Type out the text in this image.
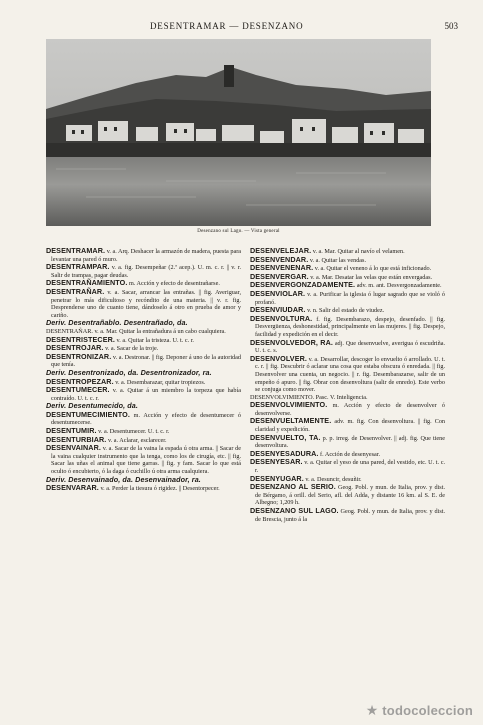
DESENTRAMAR — DESENZANO	503
Desenzano sul Lago. — Vista general

DESENTRAMAR. v. a. Arq. Deshacer la armazón de madera, puesta para levantar una pared ó muro.

DESENTRAMPAR. v. a. fig. Desempeñar (2.ª acep.). U. m. c. r. || v. r. Salir de trampas, pagar deudas.

DESENTRAÑAMIENTO. m. Acción y efecto de desentrañarse.

DESENTRAÑAR. v. a. Sacar, arrancar las entrañas. || fig. Averiguar, penetrar lo más dificultoso y recóndito de una materia. || v. r. fig. Desprenderse uno de cuanto tiene, dándoselo á otro en prueba de amor y cariño.

Deriv. Desentrañablo. Desentrañado, da.

DESENTRAÑAR. v. a. Mar. Quitar la entrañadura á un cabo cualquiera.

DESENTRISTECER. v. a. Quitar la tristeza. U. t. c. r.

DESENTROJAR. v. a. Sacar de la troje.

DESENTRONIZAR. v. a. Destronar. || fig. Deponer á uno de la autoridad que tenía.

Deriv. Desentronizado, da. Desentronizador, ra.

DESENTROPEZAR. v. a. Desembarazar, quitar tropiezos.

DESENTUMECER. v. a. Quitar á un miembro la torpeza que había contraído. U. t. c. r.

Deriv. Desentumecido, da.

DESENTUMECIMIENTO. m. Acción y efecto de desentumecer ó desentumecerse.

DESENTUMIR. v. a. Desentumecer. U. t. c. r.

DESENTURBIAR. v. a. Aclarar, esclarecer.

DESENVAINAR. v. a. Sacar de la vaina la espada ú otra arma. || Sacar de la vaina cualquier instrumento que la tenga, como los de cirugía, etc. || fig. Sacar las uñas el animal que tiene garras. || fig. y fam. Sacar lo que está oculto ó encubierto, ó la daga ó cuchillo ú otra arma cualquiera.

Deriv. Desenvainado, da. Desenvainador, ra.

DESENVARAR. v. a. Perder la tiesura ó rigidez. || Desentorpecer.

DESENVELEJAR. v. a. Mar. Quitar al navío el velamen.

DESENVENDAR. v. a. Quitar las vendas.

DESENVENENAR. v. a. Quitar el veneno á lo que está inficionado.

DESENVERGAR. v. a. Mar. Desatar las velas que están envergadas.

DESENVERGONZADAMENTE. adv. m. ant. Desvergonzadamente.

DESENVIOLAR. v. a. Purificar la iglesia ó lugar sagrado que se violó ó profanó.

DESENVIUDAR. v. n. Salir del estado de viudez.

DESENVOLTURA. f. fig. Desembarazo, despejo, desenfado. || fig. Desvergüenza, deshonestidad, principalmente en las mujeres. || fig. Despejo, facilidad y expedición en el decir.

DESENVOLVEDOR, RA. adj. Que desenvuelve, averigua ó escudriña. U. t. c. s.

DESENVOLVER. v. a. Desarrollar, descoger lo envuelto ó arrollado. U. t. c. r. || fig. Descubrir ó aclarar una cosa que estaba obscura ó enredada. || fig. Desenvolver una cuenta, un negocio. || r. fig. Desembarazarse, salir de un empeño ó apuro. || fig. Obrar con desenvoltura (salir de enredo). Este verbo se conjuga como mover.

DESENVOLVIMIENTO. Pasc. V. Inteligencia.

DESENVOLVIMIENTO. m. Acción y efecto de desenvolver ó desenvolverse.

DESENVUELTAMENTE. adv. m. fig. Con desenvoltura. || fig. Con claridad y expedición.

DESENVUELTO, TA. p. p. irreg. de Desenvolver. || adj. fig. Que tiene desenvoltura.

DESENYESADURA. f. Acción de desenyesar.

DESENYESAR. v. a. Quitar el yeso de una pared, del vestido, etc. U. t. c. r.

DESENYUGAR. v. a. Desuncir, desuñir.

DESENZANO AL SERIO. Geog. Pobl. y mun. de Italia, prov. y dist. de Bérgamo, á orill. del Serio, afl. del Adda, y distante 16 km. al S. E. de Albegno; 1,209 h.

DESENZANO SUL LAGO. Geog. Pobl. y mun. de Italia, prov. y dist. de Brescia, junto á la

★ todocoleccion
